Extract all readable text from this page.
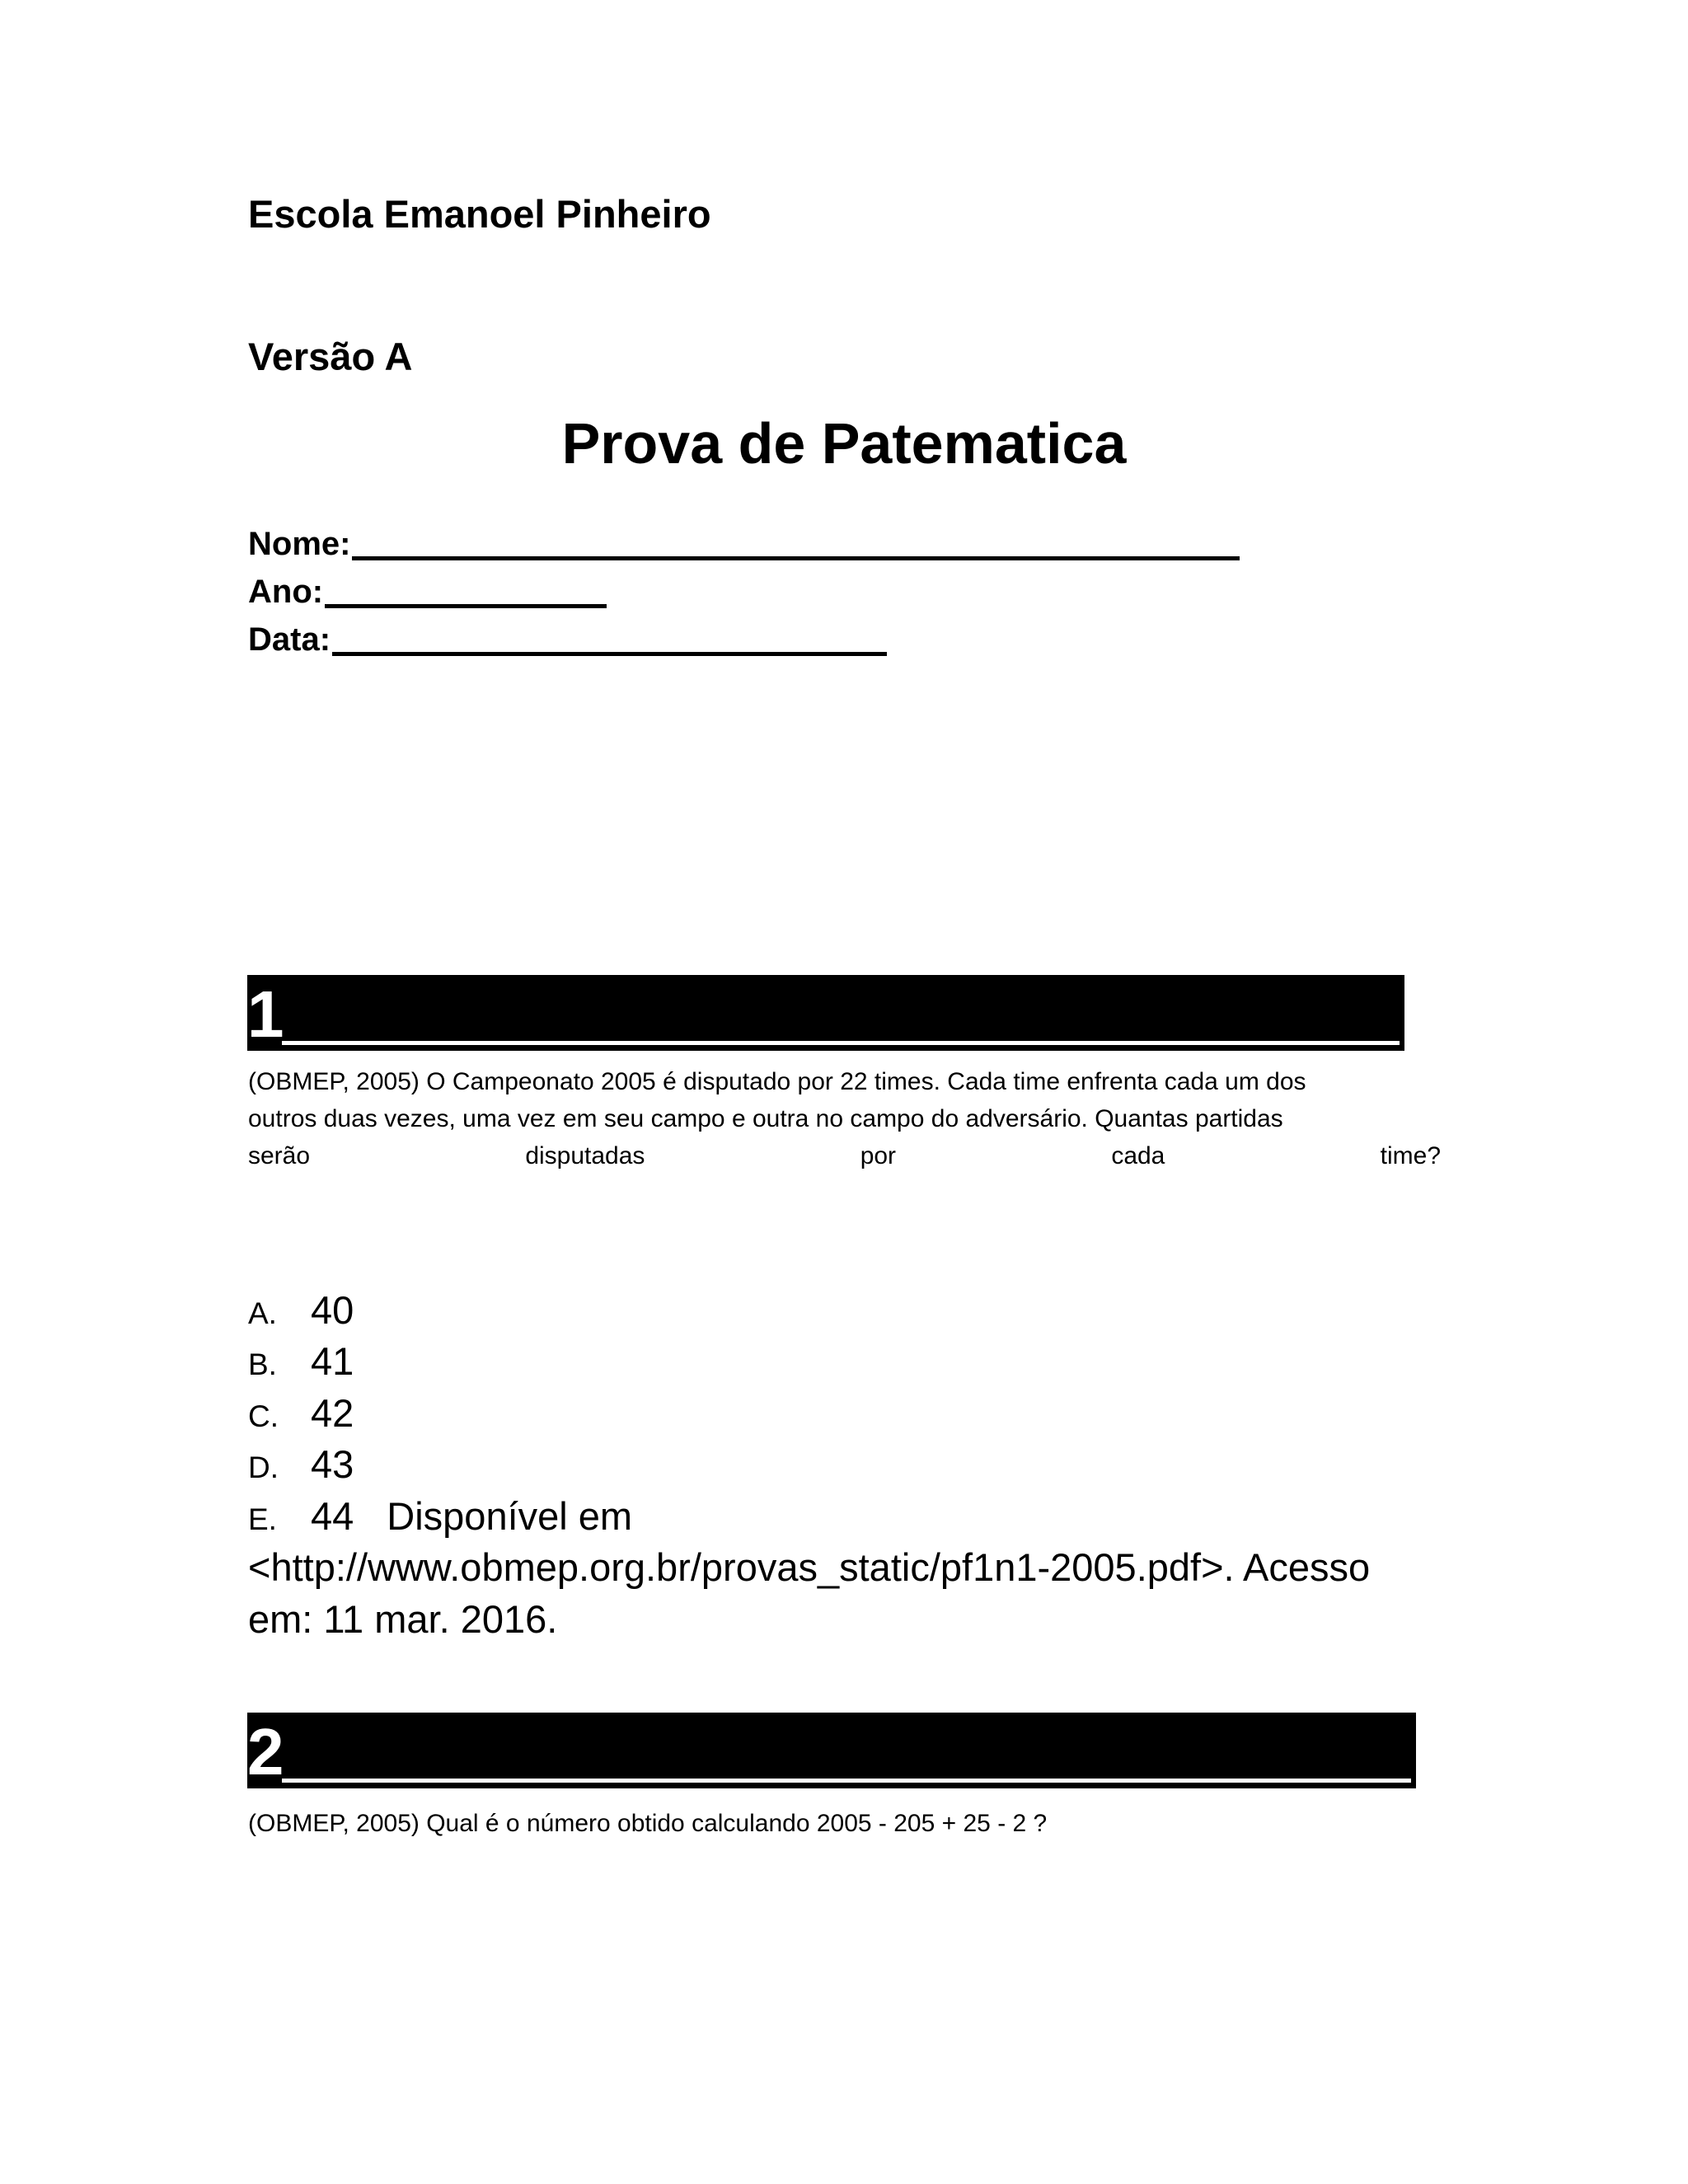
Escola Emanoel Pinheiro
Versão A
Prova de Patematica
Nome:
Ano:
Data:
1
(OBMEP, 2005) O Campeonato 2005 é disputado por 22 times. Cada time enfrenta cada um dos
outros duas vezes, uma vez em seu campo e outra no campo do adversário. Quantas partidas
serão	disputadas	por	cada	time?
A. 40
B. 41
C. 42
D. 43
E. 44 Disponível em
<http://www.obmep.org.br/provas_static/pf1n1-2005.pdf>. Acesso
em: 11 mar. 2016.
2
(OBMEP, 2005) Qual é o número obtido calculando 2005 - 205 + 25 - 2 ?
